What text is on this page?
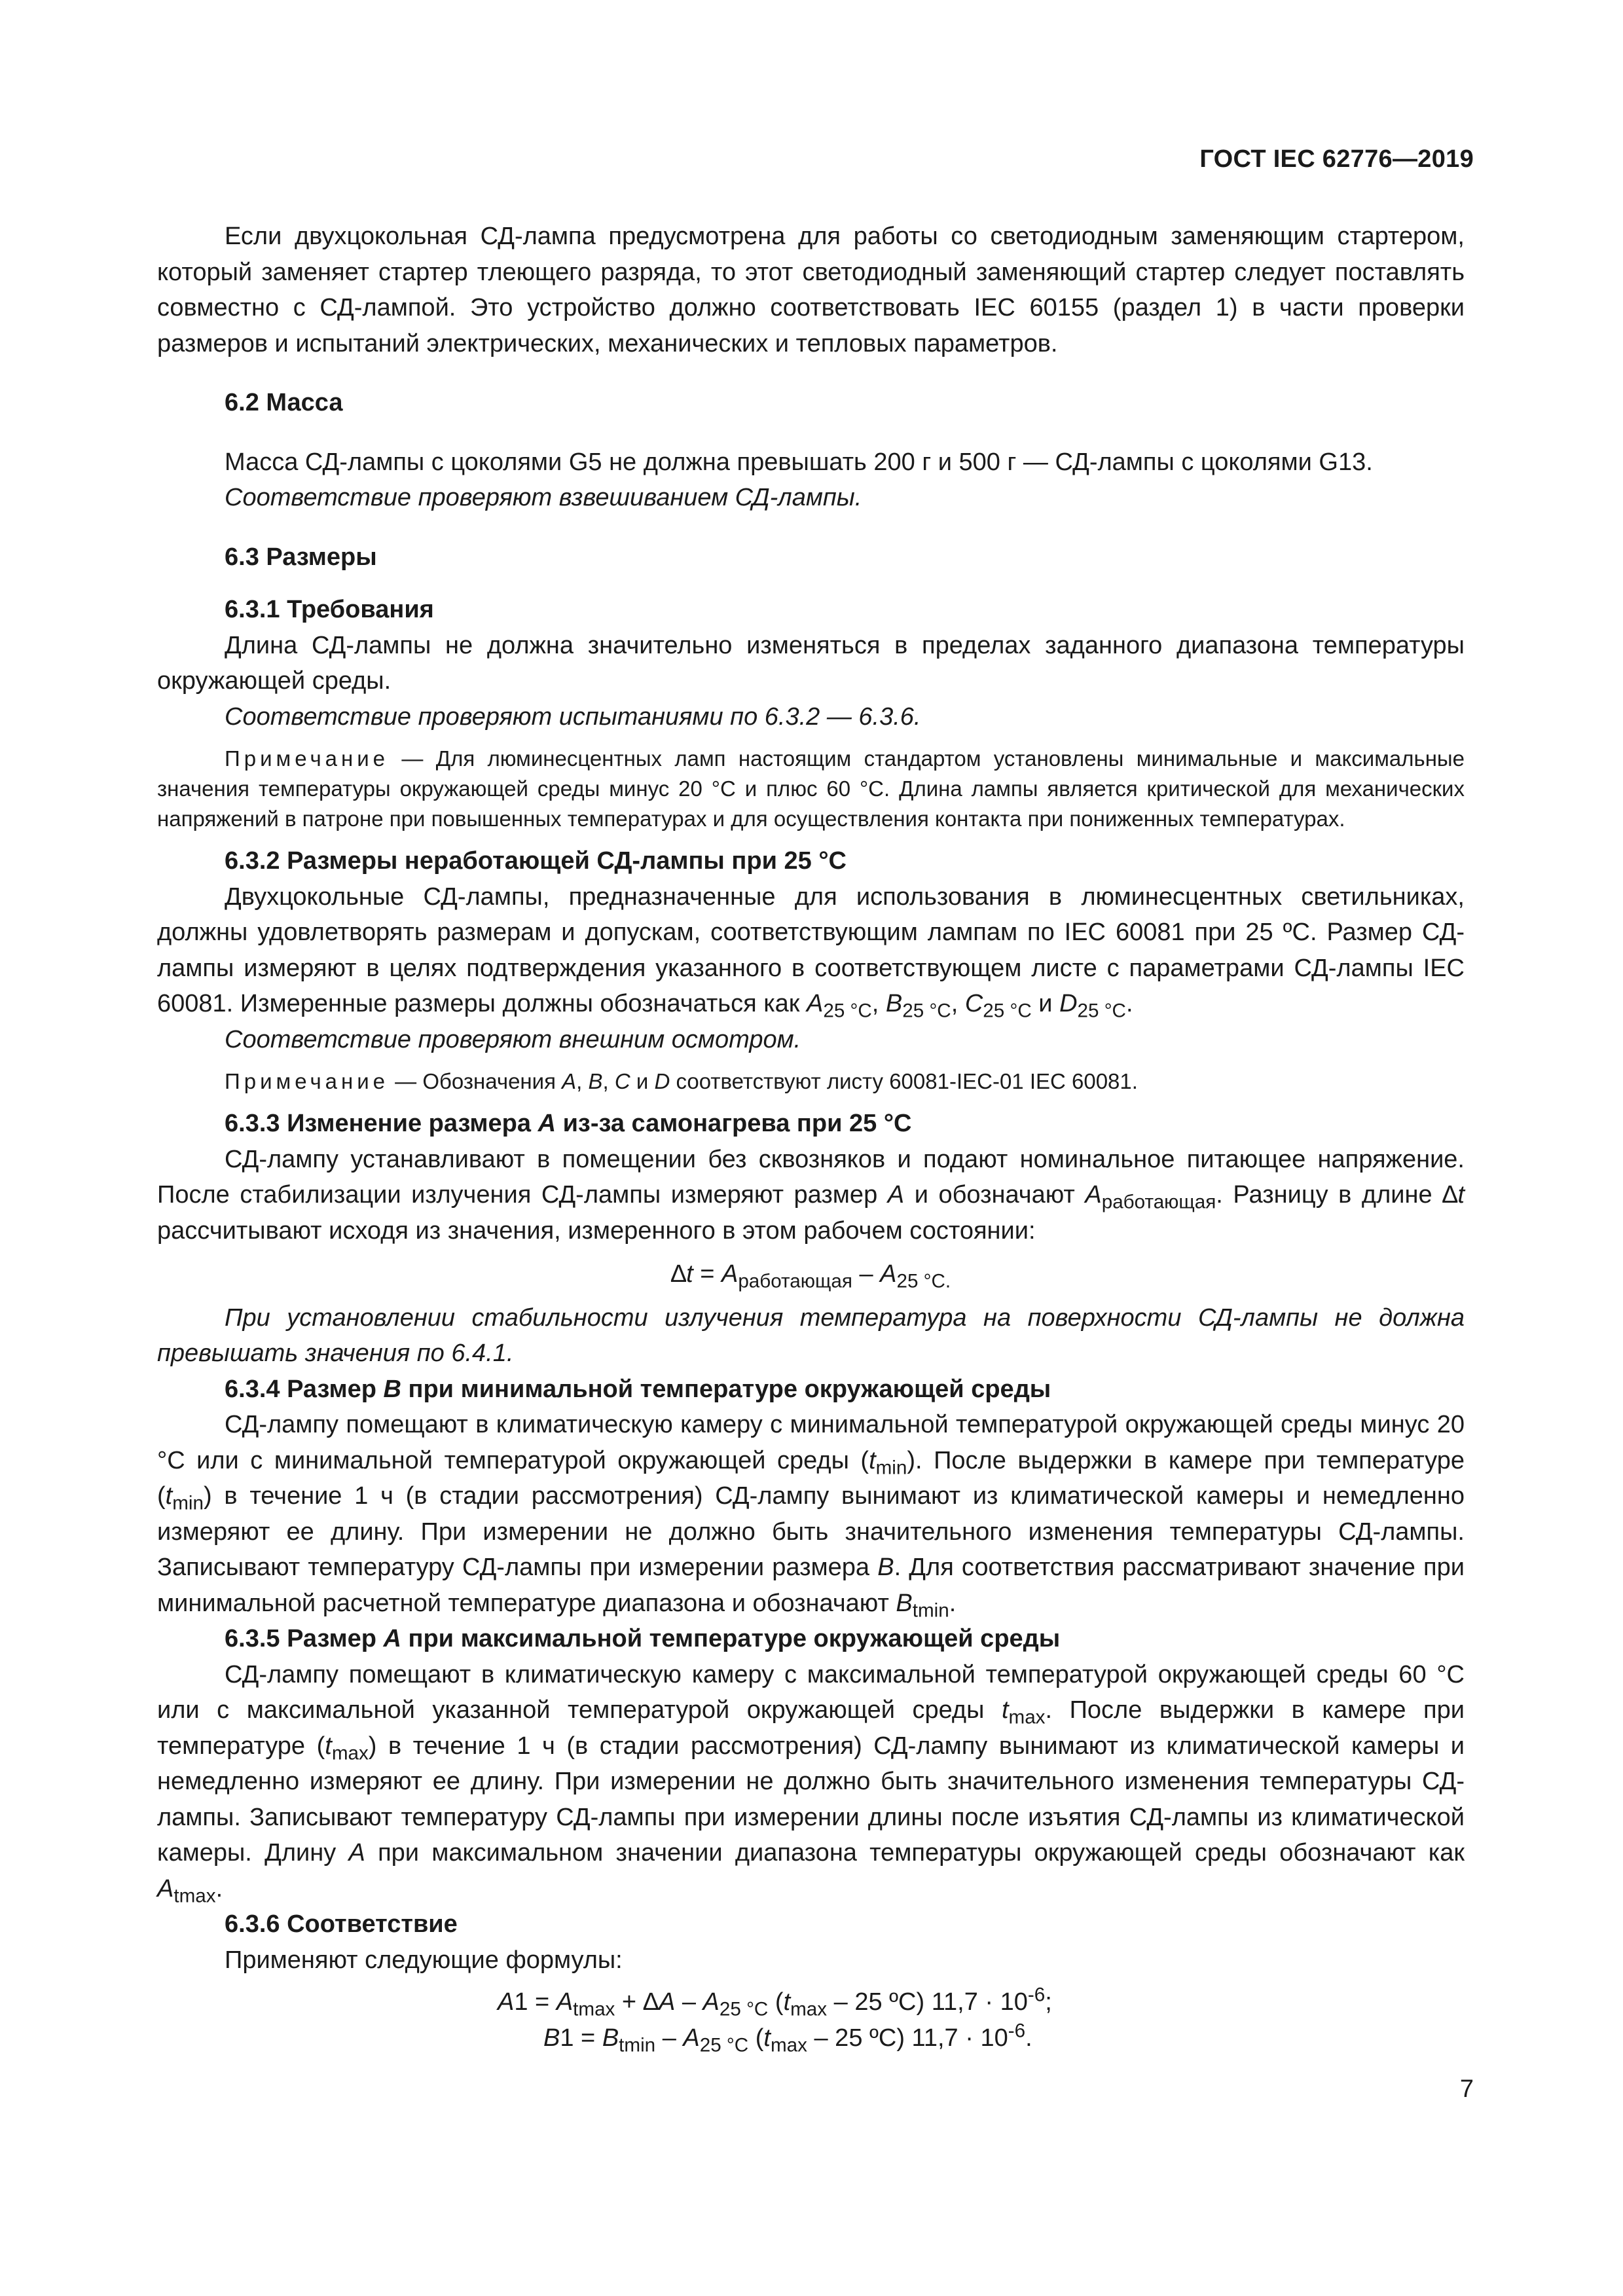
ГОСТ IEC 62776—2019

Если двухцокольная СД-лампа предусмотрена для работы со светодиодным заменяющим стартером, который заменяет стартер тлеющего разряда, то этот светодиодный заменяющий стартер следует поставлять совместно с СД-лампой. Это устройство должно соответствовать IEC 60155 (раздел 1) в части проверки размеров и испытаний электрических, механических и тепловых параметров.

6.2 Масса

Масса СД-лампы с цоколями G5 не должна превышать 200 г и 500 г — СД-лампы с цоколями G13.

Соответствие проверяют взвешиванием СД-лампы.

6.3 Размеры

6.3.1 Требования

Длина СД-лампы не должна значительно изменяться в пределах заданного диапазона температуры окружающей среды.

Соответствие проверяют испытаниями по 6.3.2 — 6.3.6.

Примечание — Для люминесцентных ламп настоящим стандартом установлены минимальные и максимальные значения температуры окружающей среды минус 20 °С и плюс 60 °С. Длина лампы является критической для механических напряжений в патроне при повышенных температурах и для осуществления контакта при пониженных температурах.

6.3.2 Размеры неработающей СД-лампы при 25 °С

Двухцокольные СД-лампы, предназначенные для использования в люминесцентных светильниках, должны удовлетворять размерам и допускам, соответствующим лампам по IEC 60081 при 25 ºС. Размер СД-лампы измеряют в целях подтверждения указанного в соответствующем листе с параметрами СД-лампы IEC 60081. Измеренные размеры должны обозначаться как $A_{25 ^\circ С}$, $B_{25 ^\circ С}$, $C_{25 ^\circ С}$ и $D_{25 ^\circ С}$.

Соответствие проверяют внешним осмотром.

Примечание — Обозначения A, B, C и D соответствуют листу 60081-IEC-01 IEC 60081.

6.3.3 Изменение размера A из-за самонагрева при 25 °С

СД-лампу устанавливают в помещении без сквозняков и подают номинальное питающее напряжение. После стабилизации излучения СД-лампы измеряют размер A и обозначают $A_{работающая}$. Разницу в длине ∆t рассчитывают исходя из значения, измеренного в этом рабочем состоянии:

$\Delta t = A_{работающая} - A_{25 ^\circ С.}$

При установлении стабильности излучения температура на поверхности СД-лампы не должна превышать значения по 6.4.1.

6.3.4 Размер B при минимальной температуре окружающей среды

СД-лампу помещают в климатическую камеру с минимальной температурой окружающей среды минус 20 °С или с минимальной температурой окружающей среды $(t_{min})$. После выдержки в камере при температуре $(t_{min})$ в течение 1 ч (в стадии рассмотрения) СД-лампу вынимают из климатической камеры и немедленно измеряют ее длину. При измерении не должно быть значительного изменения температуры СД-лампы. Записывают температуру СД-лампы при измерении размера B. Для соответствия рассматривают значение при минимальной расчетной температуре диапазона и обозначают $B_{tmin}$.

6.3.5 Размер A при максимальной температуре окружающей среды

СД-лампу помещают в климатическую камеру с максимальной температурой окружающей среды 60 °С или с максимальной указанной температурой окружающей среды $t_{max}$. После выдержки в камере при температуре $(t_{max})$ в течение 1 ч (в стадии рассмотрения) СД-лампу вынимают из климатической камеры и немедленно измеряют ее длину. При измерении не должно быть значительного изменения температуры СД-лампы. Записывают температуру СД-лампы при измерении длины после изъятия СД-лампы из климатической камеры. Длину A при максимальном значении диапазона температуры окружающей среды обозначают как $A_{tmax}$.

6.3.6 Соответствие

Применяют следующие формулы:

$A1 = A_{tmax} + \Delta A - A_{25 ^\circ С}$ ($t_{max} - 25$ ºС) $11,7 \cdot 10^{-6}$;

$B1 = B_{tmin} - A_{25 ^\circ С}$ ($t_{max} - 25$ ºС) $11,7 \cdot 10^{-6}$.

7
